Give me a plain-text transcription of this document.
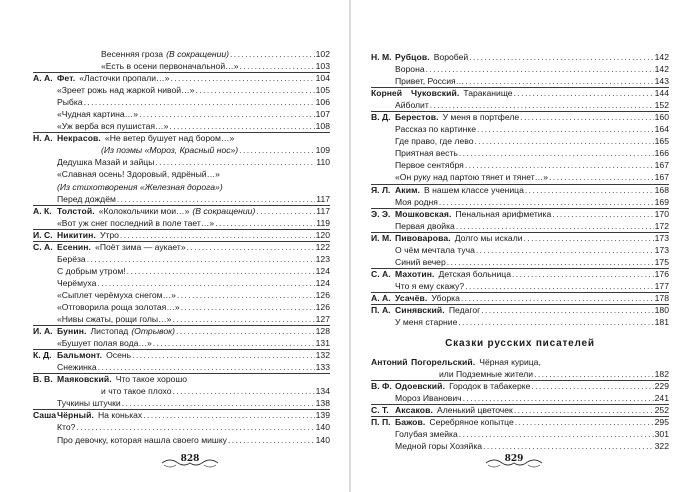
Весенняя гроза (В сокращении) .....	102
«Есть в осени первоначальной…» .....	103
А. А. Фет. «Ласточки пропали…» .....	104
«Зреет рожь над жаркой нивой…» .....	105
Рыбка .....	106
«Чудная картина…» .....	107
«Уж верба вся пушистая…» .....	108
Н. А. Некрасов. «Не ветер бушует над бором…»
(Из поэмы «Мороз, Красный нос») .....	109
Дедушка Мазай и зайцы .....	110
«Славная осень! Здоровый, ядрёный…»
(Из стихотворения «Железная дорога»)
Перед дождём .....	117
А. К. Толстой. «Колокольчики мои…» (В сокращении) .....	117
«Вот уж снег последний в поле тает…» .....	119
И. С. Никитин. Утро .....	120
С. А. Есенин. «Поёт зима — аукает» .....	122
Берёза .....	123
С добрым утром! .....	124
Черёмуха .....	124
«Сыплет черёмуха снегом…» .....	126
«Отговорила роща золотая…» .....	126
«Нивы сжаты, рощи голы…» .....	127
И. А. Бунин. Листопад (Отрывок) .....	128
«Бушует полая вода…» .....	131
К. Д. Бальмонт. Осень .....	132
Снежинка .....	133
В. В. Маяковский. Что такое хорошо
и что такое плохо .....	134
Тучкины штучки .....	138
Саша Чёрный. На коньках .....	139
Кто? .....	140
Про девочку, которая нашла своего мишку .....	140
Н. М. Рубцов. Воробей .....	142
Ворона .....	142
Привет, Россия… .....	143
Корней	Чуковский. Тараканище .....	144
Айболит .....	152
В. Д. Берестов. У меня в портфеле .....	160
Рассказ по картинке .....	164
Где право, где лево .....	165
Приятная весть .....	166
Первое сентября .....	167
«Он руку над партою тянет и тянет…» .....	167
Я. Л. Аким. В нашем классе ученица .....	168
Моя родня .....	169
Э. Э. Мошковская. Пенальная арифметика .....	170
Первая двойка .....	172
И. М. Пивоварова. Долго мы искали .....	173
О чём мечтала туча .....	173
Синий вечер .....	175
С. А. Махотин. Детская больница .....	176
Что я ему скажу? .....	177
А. А. Усачёв. Уборка .....	178
П. А. Синявский. Педагог .....	180
У меня старние .....	181
Сказки русских писателей
Антоний Погорельский. Чёрная курица,
или Подземные жители .....	182
В. Ф. Одоевский. Городок в табакерке .....	229
Мороз Иванович .....	241
С. Т. Аксаков. Аленький цветочек .....	252
П. П. Бажов. Серебряное копытце .....	295
Голубая змейка .....	301
Медной горы Хозяйка .....	322
828	829
